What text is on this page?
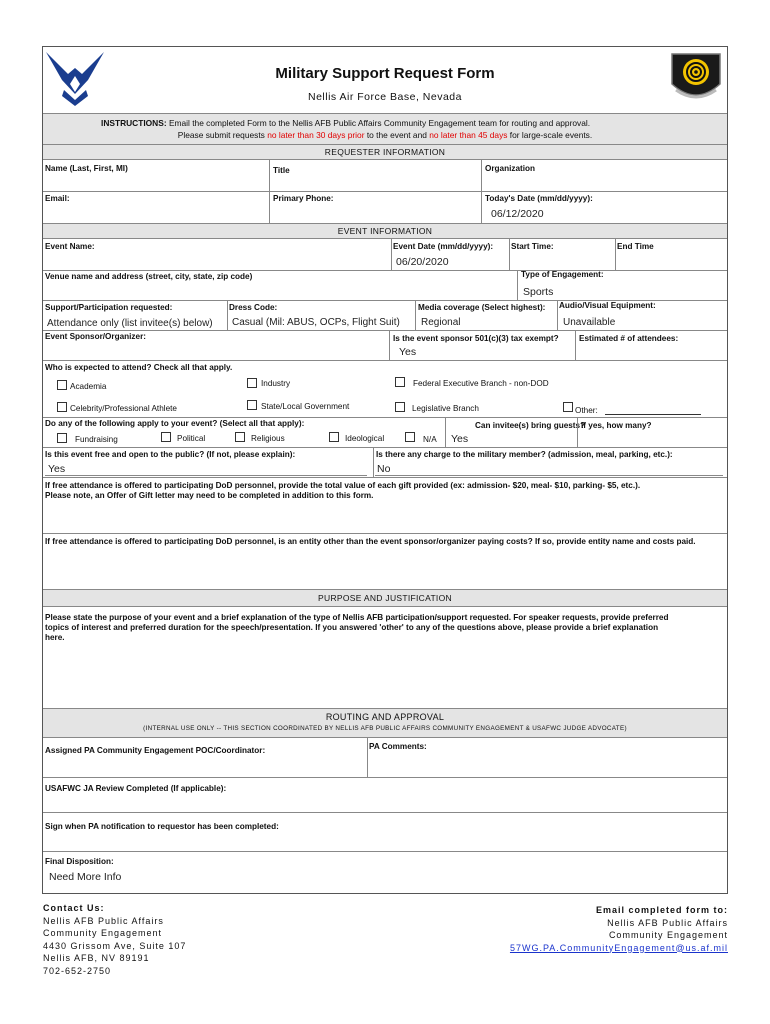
Military Support Request Form
Nellis Air Force Base, Nevada
INSTRUCTIONS: Email the completed Form to the Nellis AFB Public Affairs Community Engagement team for routing and approval.
Please submit requests no later than 30 days prior to the event and no later than 45 days for large-scale events.
REQUESTER INFORMATION
Name (Last, First, MI)	Title	Organization
Email:	Primary Phone:	Today's Date (mm/dd/yyyy):
06/12/2020
EVENT INFORMATION
Event Name:	Event Date (mm/dd/yyyy):
06/20/2020
Start Time:	End Time
Venue name and address (street, city, state, zip code)	Type of Engagement:
Sports
Support/Participation requested:
Attendance only (list invitee(s) below)
Dress Code:
Casual (Mil: ABUS, OCPs, Flight Suit)
Media coverage (Select highest):
Regional
Audio/Visual Equipment:
Unavailable
Event Sponsor/Organizer:	Is the event sponsor 501(c)(3) tax exempt?
Yes
Estimated # of attendees:
Who is expected to attend? Check all that apply.
Academia	Industry	Federal Executive Branch - non-DOD
Celebrity/Professional Athlete	State/Local Government	Legislative Branch	Other:
Do any of the following apply to your event? (Select all that apply):
Fundraising	Political	Religious	Ideological	N/A
Can invitee(s) bring guests?
Yes
If yes, how many?
Is this event free and open to the public? (If not, please explain):
Yes
Is there any charge to the military member? (admission, meal, parking, etc.):
No
If free attendance is offered to participating DoD personnel, provide the total value of each gift provided (ex: admission- $20, meal- $10, parking- $5, etc.).
Please note, an Offer of Gift letter may need to be completed in addition to this form.
If free attendance is offered to participating DoD personnel, is an entity other than the event sponsor/organizer paying costs? If so, provide entity name and costs paid.
PURPOSE AND JUSTIFICATION
Please state the purpose of your event and a brief explanation of the type of Nellis AFB participation/support requested. For speaker requests, provide preferred
topics of interest and preferred duration for the speech/presentation. If you answered 'other' to any of the questions above, please provide a brief explanation
here.
ROUTING AND APPROVAL
(INTERNAL USE ONLY -- THIS SECTION COORDINATED BY NELLIS AFB PUBLIC AFFAIRS COMMUNITY ENGAGEMENT & USAFWC JUDGE ADVOCATE)
Assigned PA Community Engagement POC/Coordinator:	PA Comments:
USAFWC JA Review Completed (If applicable):
Sign when PA notification to requestor has been completed:
Final Disposition:
Need More Info
Contact Us:
Nellis AFB Public Affairs
Community Engagement
4430 Grissom Ave, Suite 107
Nellis AFB, NV 89191
702-652-2750
Email completed form to:
Nellis AFB Public Affairs
Community Engagement
57WG.PA.CommunityEngagement@us.af.mil
